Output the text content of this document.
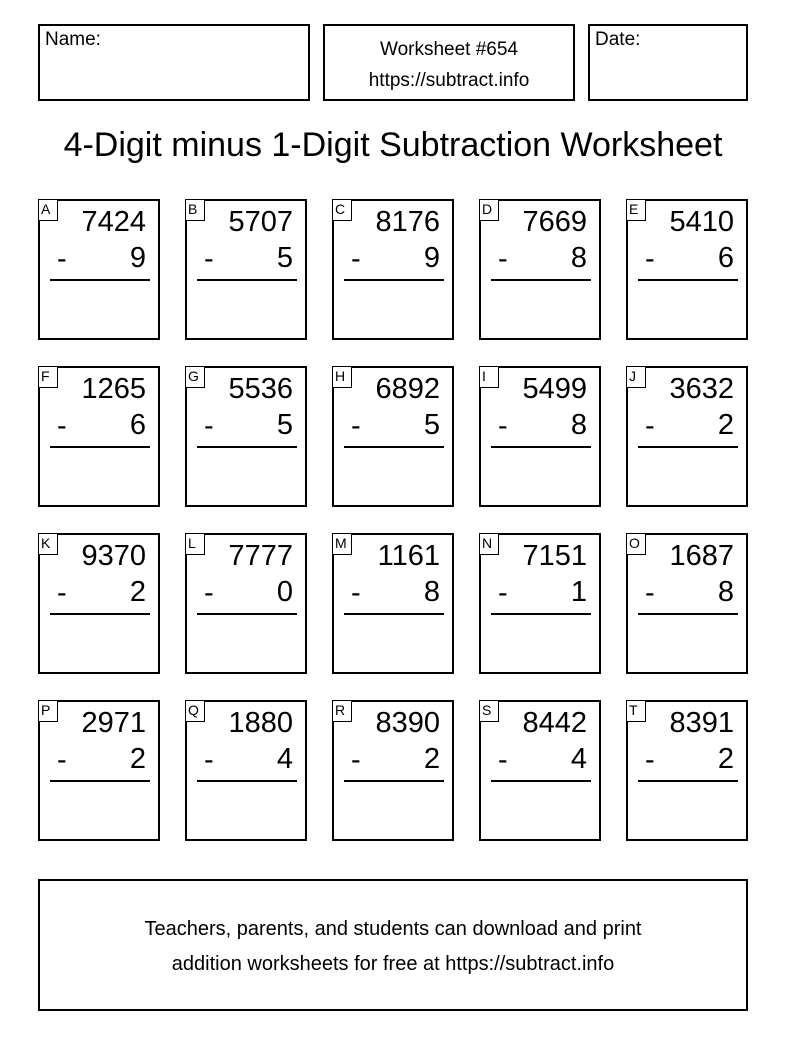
Name:	Worksheet #654
https://subtract.info
Date:
4-Digit minus 1-Digit Subtraction Worksheet
A 7424
- 9
B 5707
- 5
C 8176
- 9
D 7669
- 8
E 5410
- 6
F 1265
- 6
G 5536
- 5
H 6892
- 5
I	5499
- 8
J	3632
- 2
K 9370
- 2
L	7777
- 0
M 1161
- 8
N 7151
- 1
O 1687
- 8
P 2971
- 2
Q 1880
- 4
R 8390
- 2
S 8442
- 4
T 8391
- 2
Teachers, parents, and students can download and print
addition worksheets for free at https://subtract.info
